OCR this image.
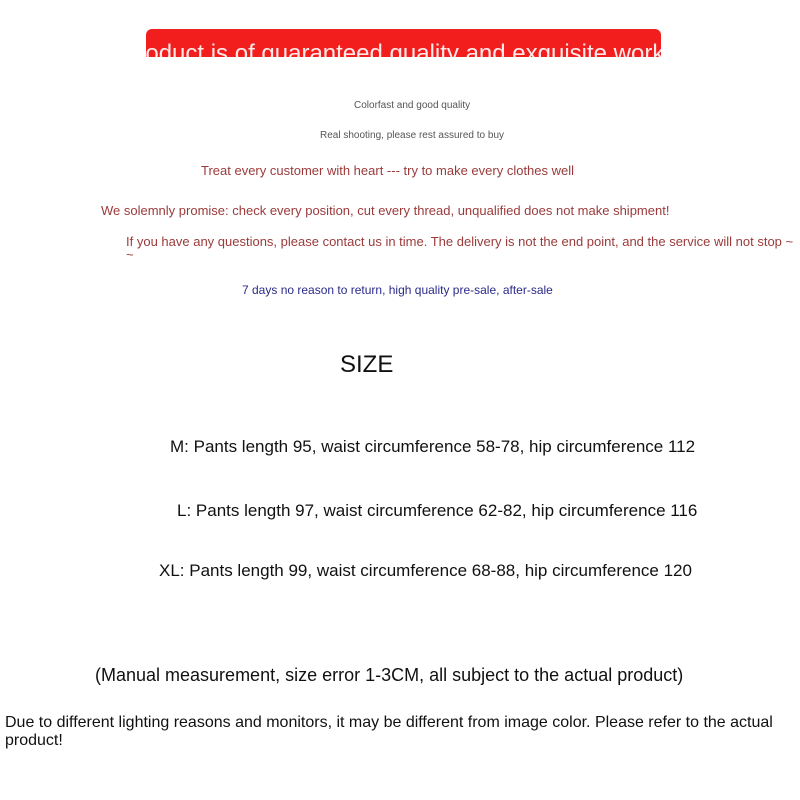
This product is of guaranteed quality and exquisite workmanship
Colorfast and good quality
Real shooting, please rest assured to buy
Treat every customer with heart --- try to make every clothes well
We solemnly promise: check every position, cut every thread, unqualified does not make shipment!
If you have any questions, please contact us in time. The delivery is not the end point, and the service will not stop ~ ~
7 days no reason to return, high quality pre-sale, after-sale
SIZE
M: Pants length 95, waist circumference 58-78, hip circumference 112
L: Pants length 97, waist circumference 62-82, hip circumference 116
XL: Pants length 99, waist circumference 68-88, hip circumference 120
(Manual measurement, size error 1-3CM, all subject to the actual product)
Due to different lighting reasons and monitors, it may be different from image color. Please refer to the actual product!
